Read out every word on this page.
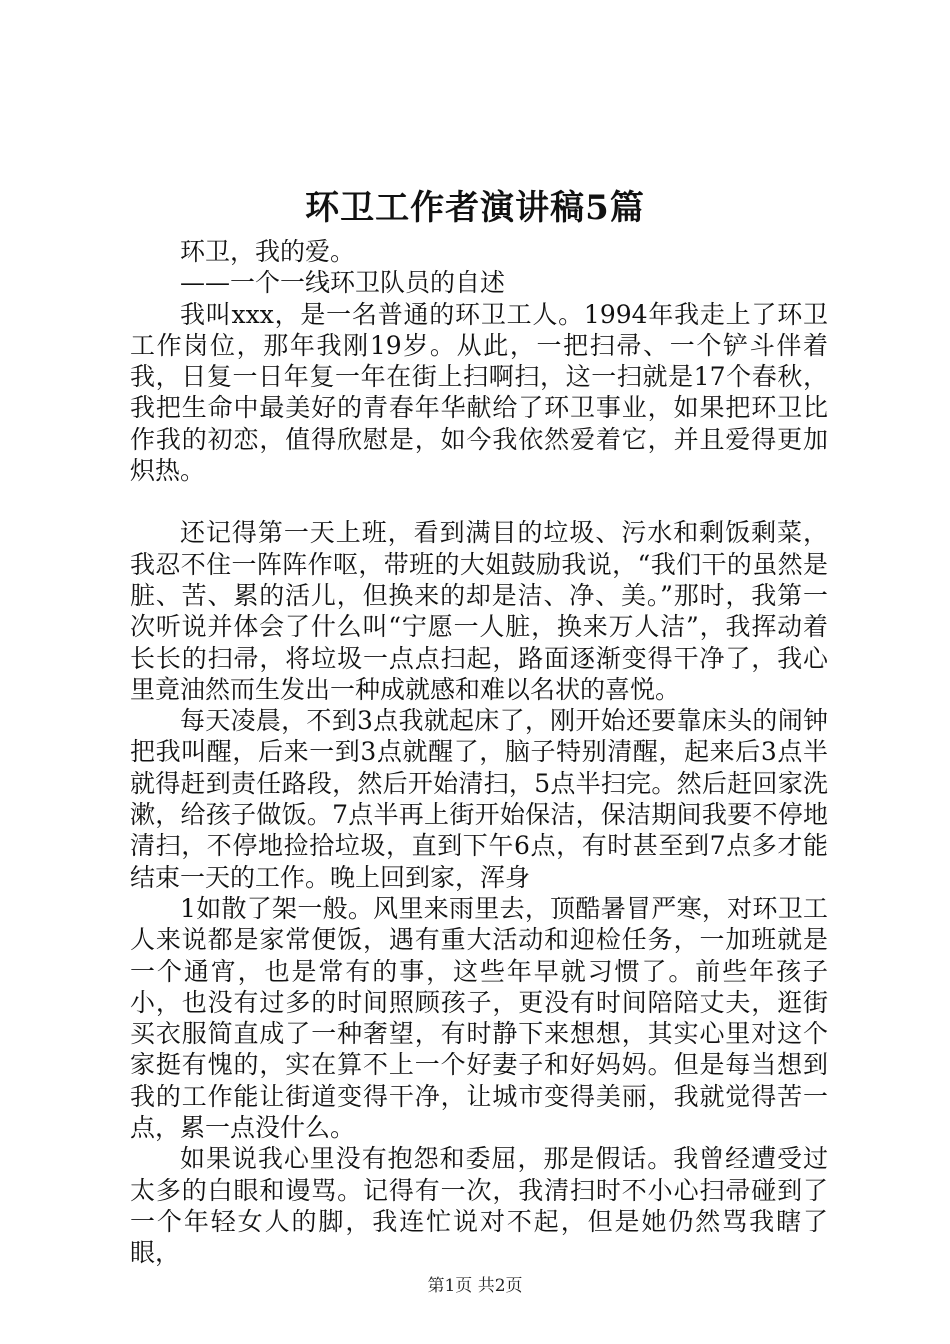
环卫工作者演讲稿5篇

环卫，我的爱。

——一个一线环卫队员的自述

我叫xxx，是一名普通的环卫工人。1994年我走上了环卫工作岗位，那年我刚19岁。从此，一把扫帚、一个铲斗伴着我，日复一日年复一年在街上扫啊扫，这一扫就是17个春秋，我把生命中最美好的青春年华献给了环卫事业，如果把环卫比作我的初恋，值得欣慰是，如今我依然爱着它，并且爱得更加炽热。

还记得第一天上班，看到满目的垃圾、污水和剩饭剩菜，我忍不住一阵阵作呕，带班的大姐鼓励我说，“我们干的虽然是脏、苦、累的活儿，但换来的却是洁、净、美。”那时，我第一次听说并体会了什么叫“宁愿一人脏，换来万人洁”，我挥动着长长的扫帚，将垃圾一点点扫起，路面逐渐变得干净了，我心里竟油然而生发出一种成就感和难以名状的喜悦。

每天凌晨，不到3点我就起床了，刚开始还要靠床头的闹钟把我叫醒，后来一到3点就醒了，脑子特别清醒，起来后3点半就得赶到责任路段，然后开始清扫，5点半扫完。然后赶回家洗漱，给孩子做饭。7点半再上街开始保洁，保洁期间我要不停地清扫，不停地捡拾垃圾，直到下午6点，有时甚至到7点多才能结束一天的工作。晚上回到家，浑身

1如散了架一般。风里来雨里去，顶酷暑冒严寒，对环卫工人来说都是家常便饭，遇有重大活动和迎检任务，一加班就是一个通宵，也是常有的事，这些年早就习惯了。前些年孩子小，也没有过多的时间照顾孩子，更没有时间陪陪丈夫，逛街买衣服简直成了一种奢望，有时静下来想想，其实心里对这个家挺有愧的，实在算不上一个好妻子和好妈妈。但是每当想到我的工作能让街道变得干净，让城市变得美丽，我就觉得苦一点，累一点没什么。

如果说我心里没有抱怨和委屈，那是假话。我曾经遭受过太多的白眼和谩骂。记得有一次，我清扫时不小心扫帚碰到了一个年轻女人的脚，我连忙说对不起，但是她仍然骂我瞎了眼，

第1页 共2页
